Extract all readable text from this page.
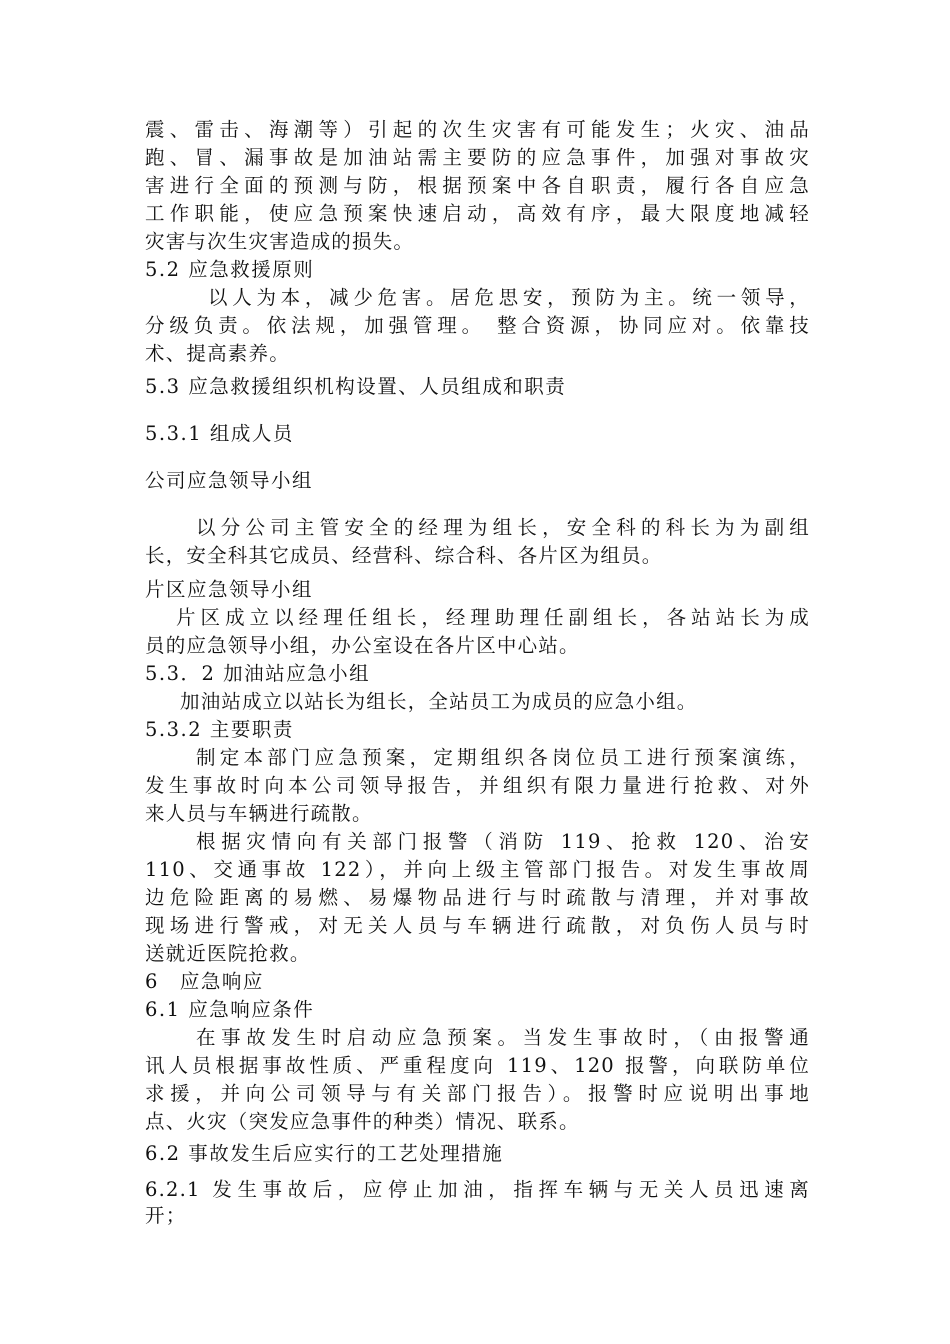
震、雷击、海潮等）引起的次生灾害有可能发生；火灾、油品
跑、冒、漏事故是加油站需主要防的应急事件，加强对事故灾
害进行全面的预测与防，根据预案中各自职责，履行各自应急
工作职能，使应急预案快速启动，高效有序，最大限度地减轻
灾害与次生灾害造成的损失。
5.2 应急救援原则
以人为本，减少危害。居危思安，预防为主。统一领导，
分级负责。依法规，加强管理。 整合资源，协同应对。依靠技
术、提高素养。
5.3 应急救援组织机构设置、人员组成和职责
5.3.1 组成人员
公司应急领导小组
以分公司主管安全的经理为组长，安全科的科长为为副组
长，安全科其它成员、经营科、综合科、各片区为组员。
片区应急领导小组
片区成立以经理任组长，经理助理任副组长，各站站长为成
员的应急领导小组，办公室设在各片区中心站。
5.3．2 加油站应急小组
加油站成立以站长为组长，全站员工为成员的应急小组。
5.3.2 主要职责
制定本部门应急预案，定期组织各岗位员工进行预案演练，
发生事故时向本公司领导报告，并组织有限力量进行抢救、对外
来人员与车辆进行疏散。
根据灾情向有关部门报警（消防 119、抢救 120、治安
110、交通事故 122），并向上级主管部门报告。对发生事故周
边危险距离的易燃、易爆物品进行与时疏散与清理，并对事故
现场进行警戒，对无关人员与车辆进行疏散，对负伤人员与时
送就近医院抢救。
6　应急响应
6.1 应急响应条件
在事故发生时启动应急预案。当发生事故时，（由报警通
讯人员根据事故性质、严重程度向 119、120 报警，向联防单位
求援，并向公司领导与有关部门报告）。报警时应说明出事地
点、火灾（突发应急事件的种类）情况、联系。
6.2 事故发生后应实行的工艺处理措施
6.2.1 发生事故后，应停止加油，指挥车辆与无关人员迅速离
开；
